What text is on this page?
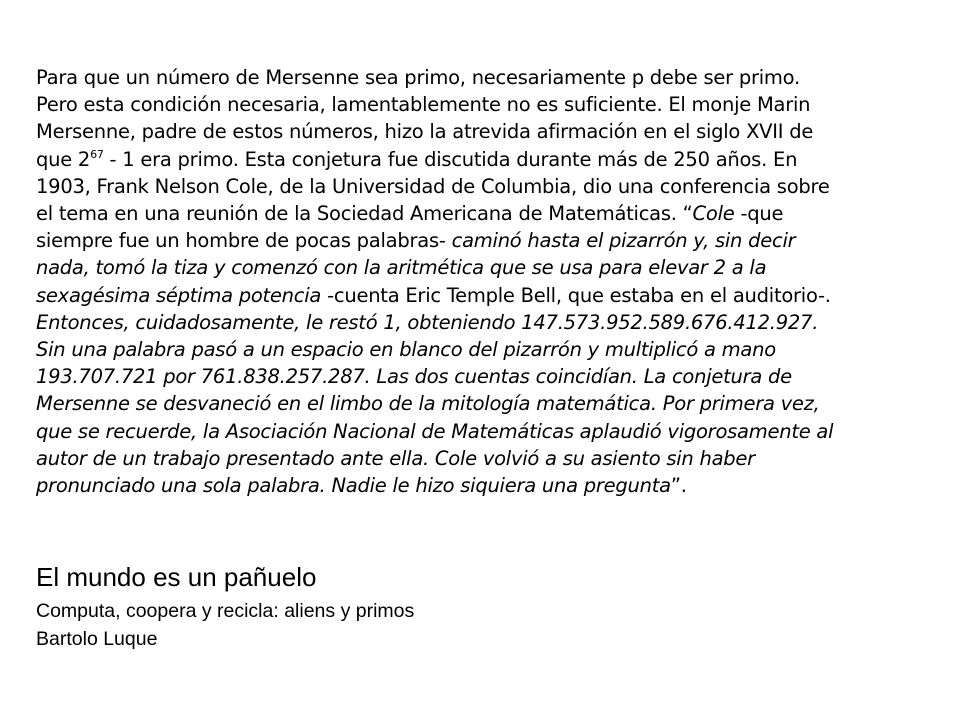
Para que un número de Mersenne sea primo, necesariamente p debe ser primo.
Pero esta condición necesaria, lamentablemente no es suficiente. El monje Marin
Mersenne, padre de estos números, hizo la atrevida afirmación en el siglo XVII de
que $2^{67} - 1$ era primo. Esta conjetura fue discutida durante más de 250 años. En
1903, Frank Nelson Cole, de la Universidad de Columbia, dio una conferencia sobre
el tema en una reunión de la Sociedad Americana de Matemáticas. “Cole -que
siempre fue un hombre de pocas palabras- caminó hasta el pizarrón y, sin decir
nada, tomó la tiza y comenzó con la aritmética que se usa para elevar 2 a la
sexagésima séptima potencia -cuenta Eric Temple Bell, que estaba en el auditorio-.
Entonces, cuidadosamente, le restó 1, obteniendo 147.573.952.589.676.412.927.
Sin una palabra pasó a un espacio en blanco del pizarrón y multiplicó a mano
193.707.721 por 761.838.257.287. Las dos cuentas coincidían. La conjetura de
Mersenne se desvaneció en el limbo de la mitología matemática. Por primera vez,
que se recuerde, la Asociación Nacional de Matemáticas aplaudió vigorosamente al
autor de un trabajo presentado ante ella. Cole volvió a su asiento sin haber
pronunciado una sola palabra. Nadie le hizo siquiera una pregunta”.

El mundo es un pañuelo
Computa, coopera y recicla: aliens y primos
Bartolo Luque
